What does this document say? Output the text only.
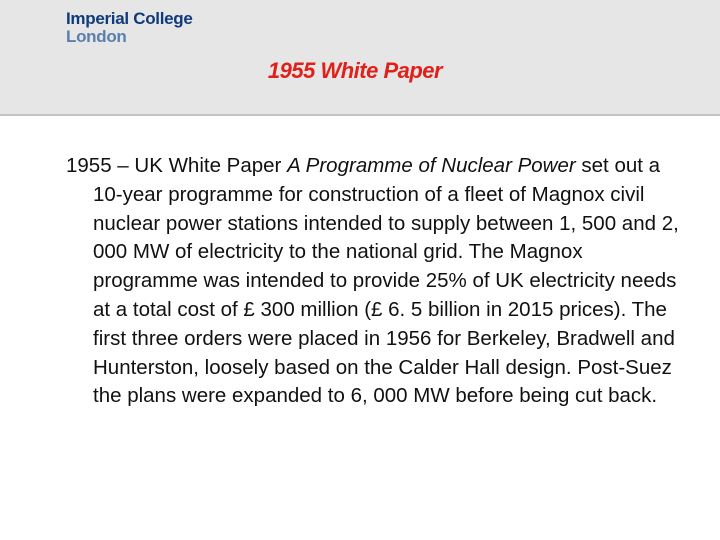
Imperial College
London
1955 White Paper
1955 – UK White Paper A Programme of Nuclear Power set out a 10-year programme for construction of a fleet of Magnox civil nuclear power stations intended to supply between 1, 500 and 2, 000 MW of electricity to the national grid. The Magnox programme was intended to provide 25% of UK electricity needs at a total cost of £ 300 million (£ 6. 5 billion in 2015 prices). The first three orders were placed in 1956 for Berkeley, Bradwell and Hunterston, loosely based on the Calder Hall design. Post-Suez the plans were expanded to 6, 000 MW before being cut back.
